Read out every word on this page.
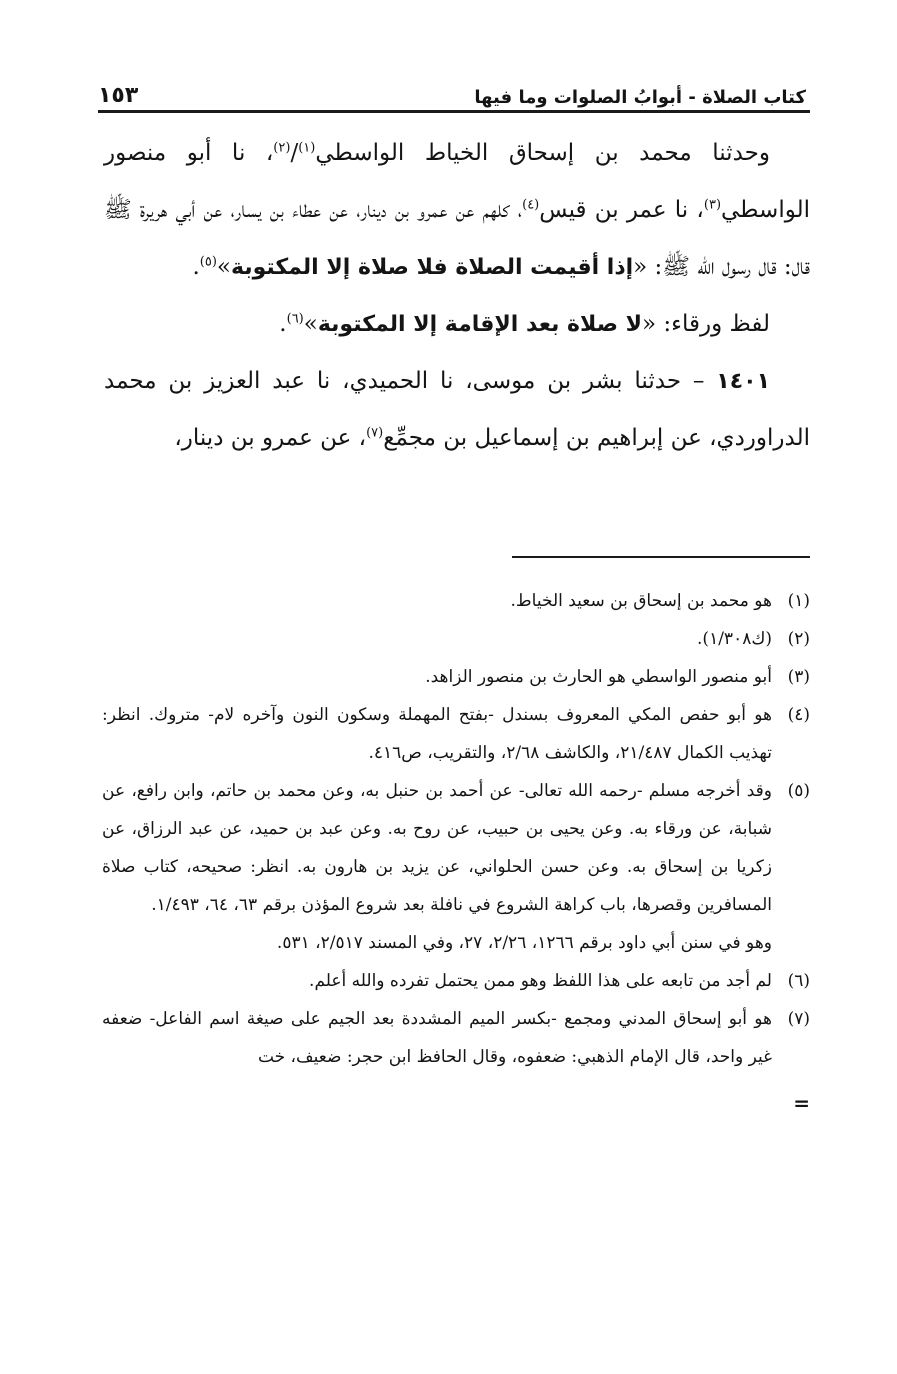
كتاب الصلاة - أبوابُ الصلوات وما فيها
١٥٣

وحدثنا محمد بن إسحاق الخياط الواسطي$^{(١)}$/$^{(٢)}$، نا أبو منصور الواسطي$^{(٣)}$، نا عمر بن قيس$^{(٤)}$، كلهم عن عمرو بن دينار، عن عطاء بن يسار، عن أبي هريرة ﷺ قال: قال رسول الله ﷺ: «إذا أقيمت الصلاة فلا صلاة إلا المكتوبة»$^{(٥)}$.

لفظ ورقاء: «لا صلاة بعد الإقامة إلا المكتوبة»$^{(٦)}$.

١٤٠١ – حدثنا بشر بن موسى، نا الحميدي، نا عبد العزيز بن محمد الدراوردي، عن إبراهيم بن إسماعيل بن مجمِّع$^{(٧)}$، عن عمرو بن دينار،

(١)
هو محمد بن إسحاق بن سعيد الخياط.
(٢)
(ك١/٣٠٨).
(٣)
أبو منصور الواسطي هو الحارث بن منصور الزاهد.
(٤)
هو أبو حفص المكي المعروف بسندل -بفتح المهملة وسكون النون وآخره لام- متروك. انظر: تهذيب الكمال ٢١/٤٨٧، والكاشف ٢/٦٨، والتقريب، ص٤١٦.
(٥)
وقد أخرجه مسلم -رحمه الله تعالى- عن أحمد بن حنبل به، وعن محمد بن حاتم، وابن رافع، عن شبابة، عن ورقاء به. وعن يحيى بن حبيب، عن روح به. وعن عبد بن حميد، عن عبد الرزاق، عن زكريا بن إسحاق به. وعن حسن الحلواني، عن يزيد بن هارون به. انظر: صحيحه، كتاب صلاة المسافرين وقصرها، باب كراهة الشروع في نافلة بعد شروع المؤذن برقم ٦٣، ٦٤، ١/٤٩٣.
وهو في سنن أبي داود برقم ١٢٦٦، ٢/٢٦، ٢٧، وفي المسند ٢/٥١٧، ٥٣١.
(٦)
لم أجد من تابعه على هذا اللفظ وهو ممن يحتمل تفرده والله أعلم.
(٧)
هو أبو إسحاق المدني ومجمع -بكسر الميم المشددة بعد الجيم على صيغة اسم الفاعل- ضعفه غير واحد، قال الإمام الذهبي: ضعفوه، وقال الحافظ ابن حجر: ضعيف، خت
=
